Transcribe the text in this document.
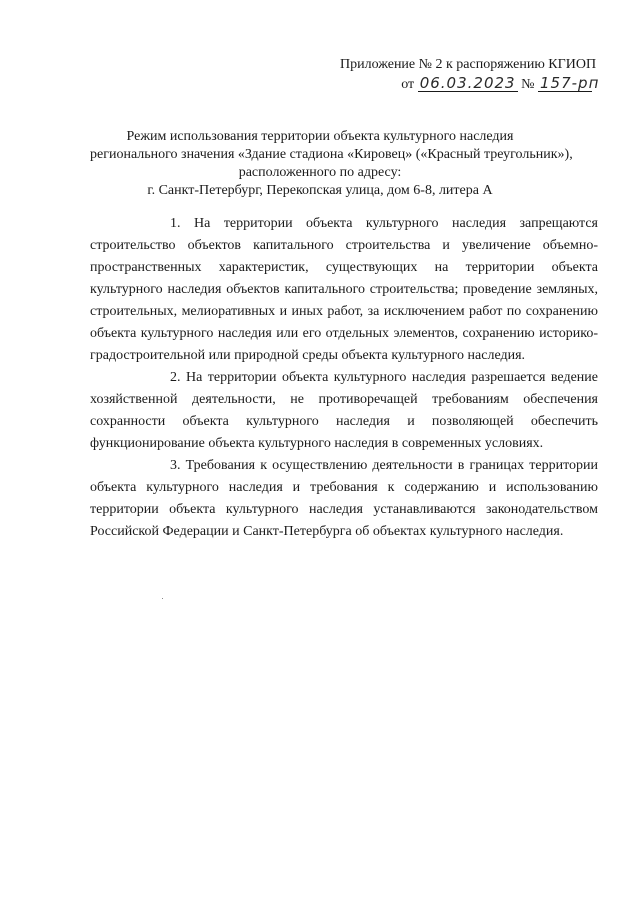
Приложение № 2 к распоряжению КГИОП
от 06.03.2023 № 157-рп
Режим использования территории объекта культурного наследия
регионального значения «Здание стадиона «Кировец» («Красный треугольник»),
расположенного по адресу:
г. Санкт-Петербург, Перекопская улица, дом 6-8, литера А

1. На территории объекта культурного наследия запрещаются строительство объектов капитального строительства и увеличение объемно-пространственных характеристик, существующих на территории объекта культурного наследия объектов капитального строительства; проведение земляных, строительных, мелиоративных и иных работ, за исключением работ по сохранению объекта культурного наследия или его отдельных элементов, сохранению историко-градостроительной или природной среды объекта культурного наследия.

2. На территории объекта культурного наследия разрешается ведение хозяйственной деятельности, не противоречащей требованиям обеспечения сохранности объекта культурного наследия и позволяющей обеспечить функционирование объекта культурного наследия в современных условиях.

3. Требования к осуществлению деятельности в границах территории объекта культурного наследия и требования к содержанию и использованию территории объекта культурного наследия устанавливаются законодательством Российской Федерации и Санкт-Петербурга об объектах культурного наследия.
